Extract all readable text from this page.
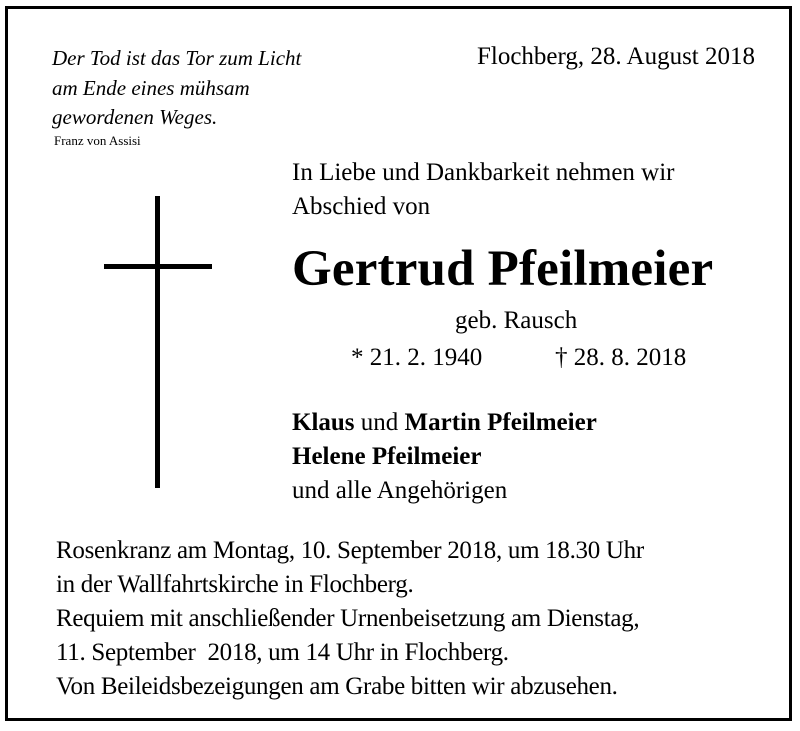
Der Tod ist das Tor zum Licht
am Ende eines mühsam
gewordenen Weges.
Franz von Assisi
Flochberg, 28. August 2018
In Liebe und Dankbarkeit nehmen wir
Abschied von
Gertrud Pfeilmeier
geb. Rausch
* 21. 2. 1940	† 28. 8. 2018
Klaus und Martin Pfeilmeier
Helene Pfeilmeier
und alle Angehörigen
Rosenkranz am Montag, 10. September 2018, um 18.30 Uhr
in der Wallfahrtskirche in Flochberg.
Requiem mit anschließender Urnenbeisetzung am Dienstag,
11. September  2018, um 14 Uhr in Flochberg.
Von Beileidsbezeigungen am Grabe bitten wir abzusehen.
